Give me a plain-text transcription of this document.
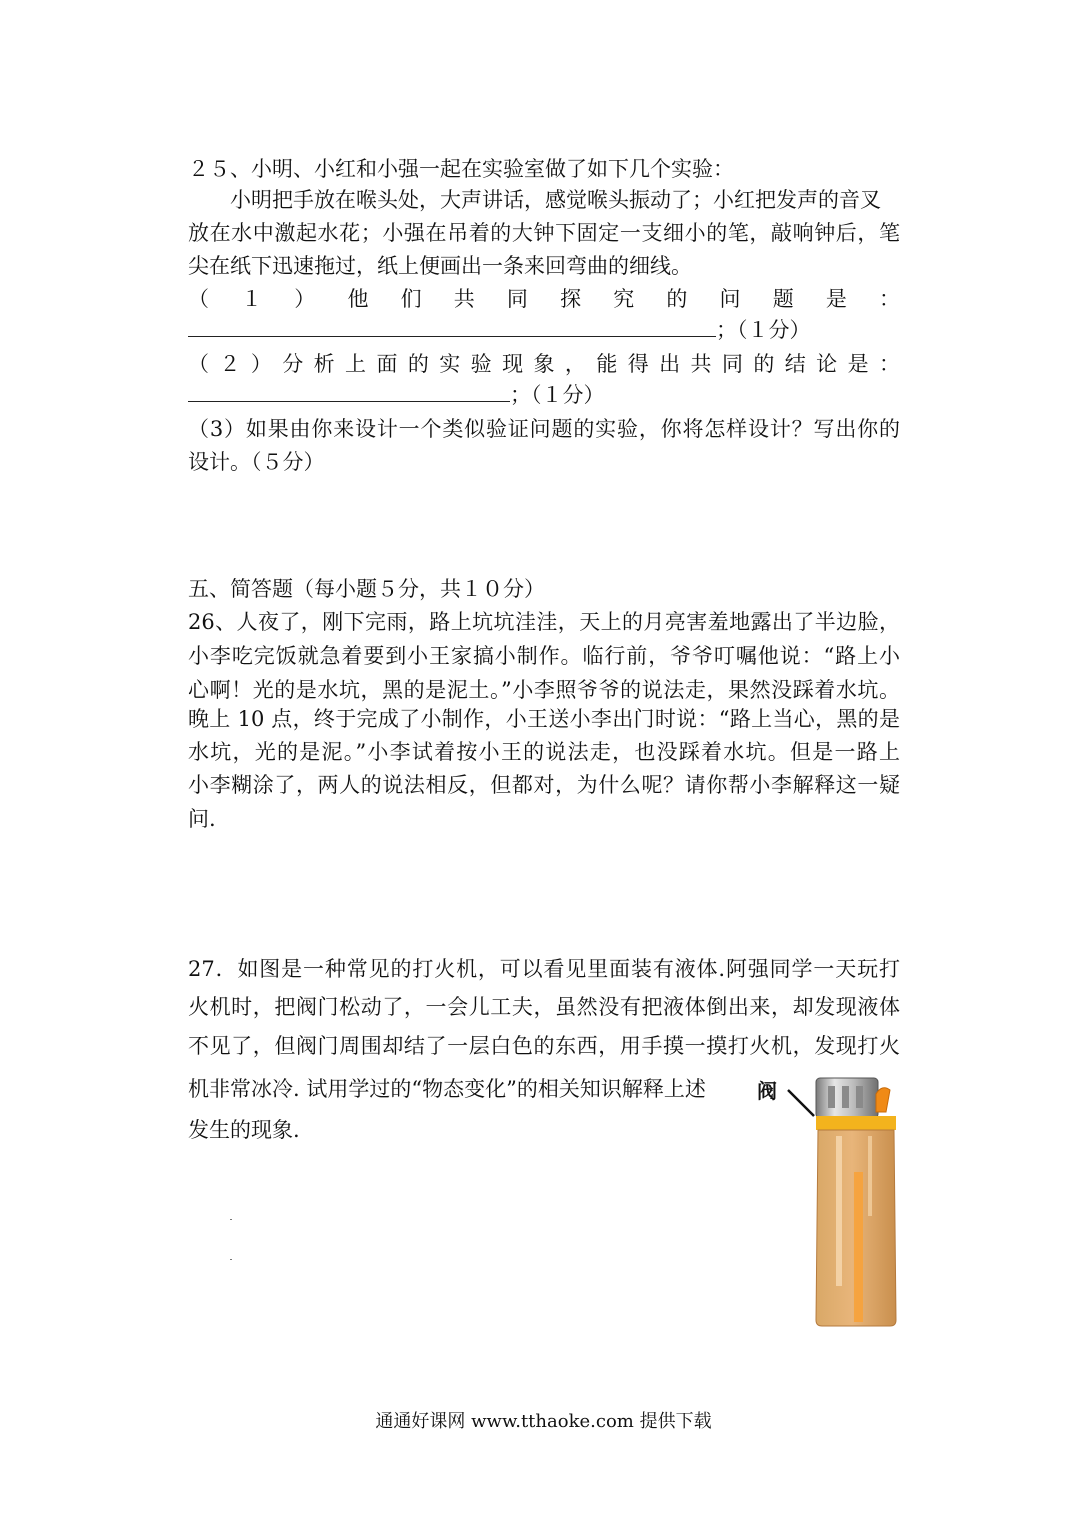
２５、小明、小红和小强一起在实验室做了如下几个实验：
小明把手放在喉头处，大声讲话，感觉喉头振动了；小红把发声的音叉
放在水中激起水花；小强在吊着的大钟下固定一支细小的笔，敲响钟后，笔
尖在纸下迅速拖过，纸上便画出一条来回弯曲的细线。
（ １ ） 他 们 共 同 探 究 的 问 题 是 ：
；（１分）
（２）分析上面的实验现象，能得出共同的结论是：
；（１分）
（3）如果由你来设计一个类似验证问题的实验，你将怎样设计？写出你的
设计。（５分）
五、简答题（每小题５分，共１０分）
26、人夜了，刚下完雨，路上坑坑洼洼，天上的月亮害羞地露出了半边脸，
小李吃完饭就急着要到小王家搞小制作。临行前，爷爷叮嘱他说：“路上小
心啊！光的是水坑，黑的是泥土。”小李照爷爷的说法走，果然没踩着水坑。
晚上 10 点，终于完成了小制作，小王送小李出门时说：“路上当心，黑的是
水坑，光的是泥。”小李试着按小王的说法走，也没踩着水坑。但是一路上
小李糊涂了，两人的说法相反，但都对，为什么呢？请你帮小李解释这一疑
问.
27．如图是一种常见的打火机，可以看见里面装有液体.阿强同学一天玩打
火机时，把阀门松动了，一会儿工夫，虽然没有把液体倒出来，却发现液体
不见了，但阀门周围却结了一层白色的东西，用手摸一摸打火机，发现打火
机非常冰冷. 试用学过的“物态变化”的相关知识解释上述
发生的现象.
阀
通通好课网 www.tthaoke.com 提供下载
